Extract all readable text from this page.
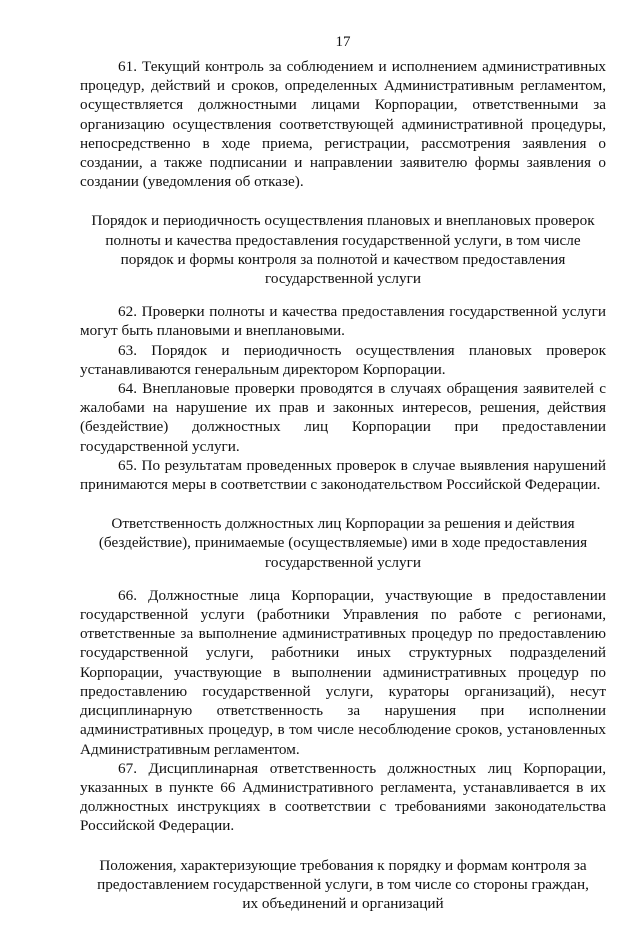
17

61. Текущий контроль за соблюдением и исполнением административных процедур, действий и сроков, определенных Административным регламентом, осуществляется должностными лицами Корпорации, ответственными за организацию осуществления соответствующей административной процедуры, непосредственно в ходе приема, регистрации, рассмотрения заявления о создании, а также подписании и направлении заявителю формы заявления о создании (уведомления об отказе).

Порядок и периодичность осуществления плановых и внеплановых проверок полноты и качества предоставления государственной услуги, в том числе порядок и формы контроля за полнотой и качеством предоставления государственной услуги

62. Проверки полноты и качества предоставления государственной услуги могут быть плановыми и внеплановыми.

63. Порядок и периодичность осуществления плановых проверок устанавливаются генеральным директором Корпорации.

64. Внеплановые проверки проводятся в случаях обращения заявителей с жалобами на нарушение их прав и законных интересов, решения, действия (бездействие) должностных лиц Корпорации при предоставлении государственной услуги.

65. По результатам проведенных проверок в случае выявления нарушений принимаются меры в соответствии с законодательством Российской Федерации.

Ответственность должностных лиц Корпорации за решения и действия (бездействие), принимаемые (осуществляемые) ими в ходе предоставления государственной услуги

66. Должностные лица Корпорации, участвующие в предоставлении государственной услуги (работники Управления по работе с регионами, ответственные за выполнение административных процедур по предоставлению государственной услуги, работники иных структурных подразделений Корпорации, участвующие в выполнении административных процедур по предоставлению государственной услуги, кураторы организаций), несут дисциплинарную ответственность за нарушения при исполнении административных процедур, в том числе несоблюдение сроков, установленных Административным регламентом.

67. Дисциплинарная ответственность должностных лиц Корпорации, указанных в пункте 66 Административного регламента, устанавливается в их должностных инструкциях в соответствии с требованиями законодательства Российской Федерации.

Положения, характеризующие требования к порядку и формам контроля за предоставлением государственной услуги, в том числе со стороны граждан, их объединений и организаций
